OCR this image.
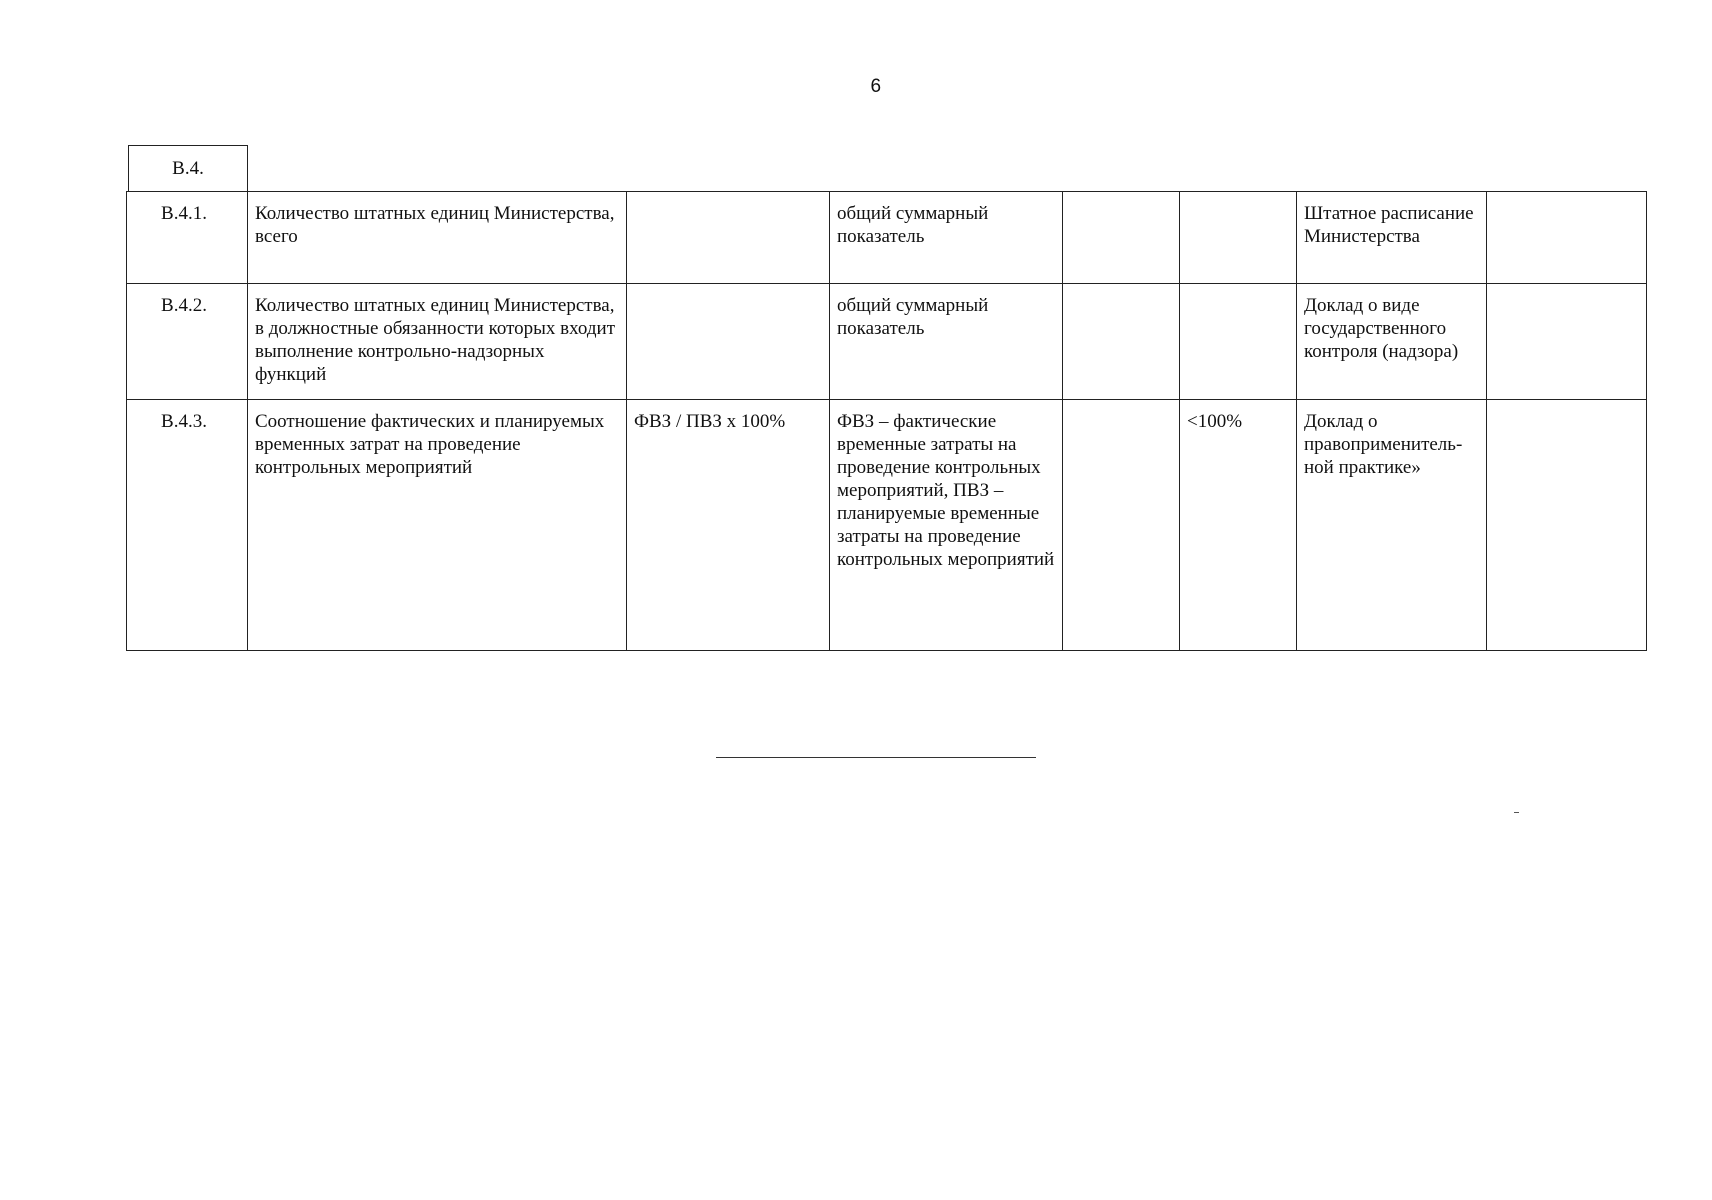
6
В.4.
В.4.1.	Количество штатных единиц Министерства, всего		общий суммарный показатель			Штатное расписание Министерства	
В.4.2.	Количество штатных единиц Министерства, в должностные обязанности которых входит выполнение контрольно-надзорных функций		общий суммарный показатель			Доклад о виде государственного контроля (надзора)	
В.4.3.	Соотношение фактических и планируемых временных затрат на проведение контрольных мероприятий	ФВЗ / ПВЗ x 100%	ФВЗ – фактические временные затраты на проведение контрольных мероприятий, ПВЗ – планируемые временные затраты на проведение контрольных мероприятий		<100%	Доклад о правоприменитель-ной практике»	
